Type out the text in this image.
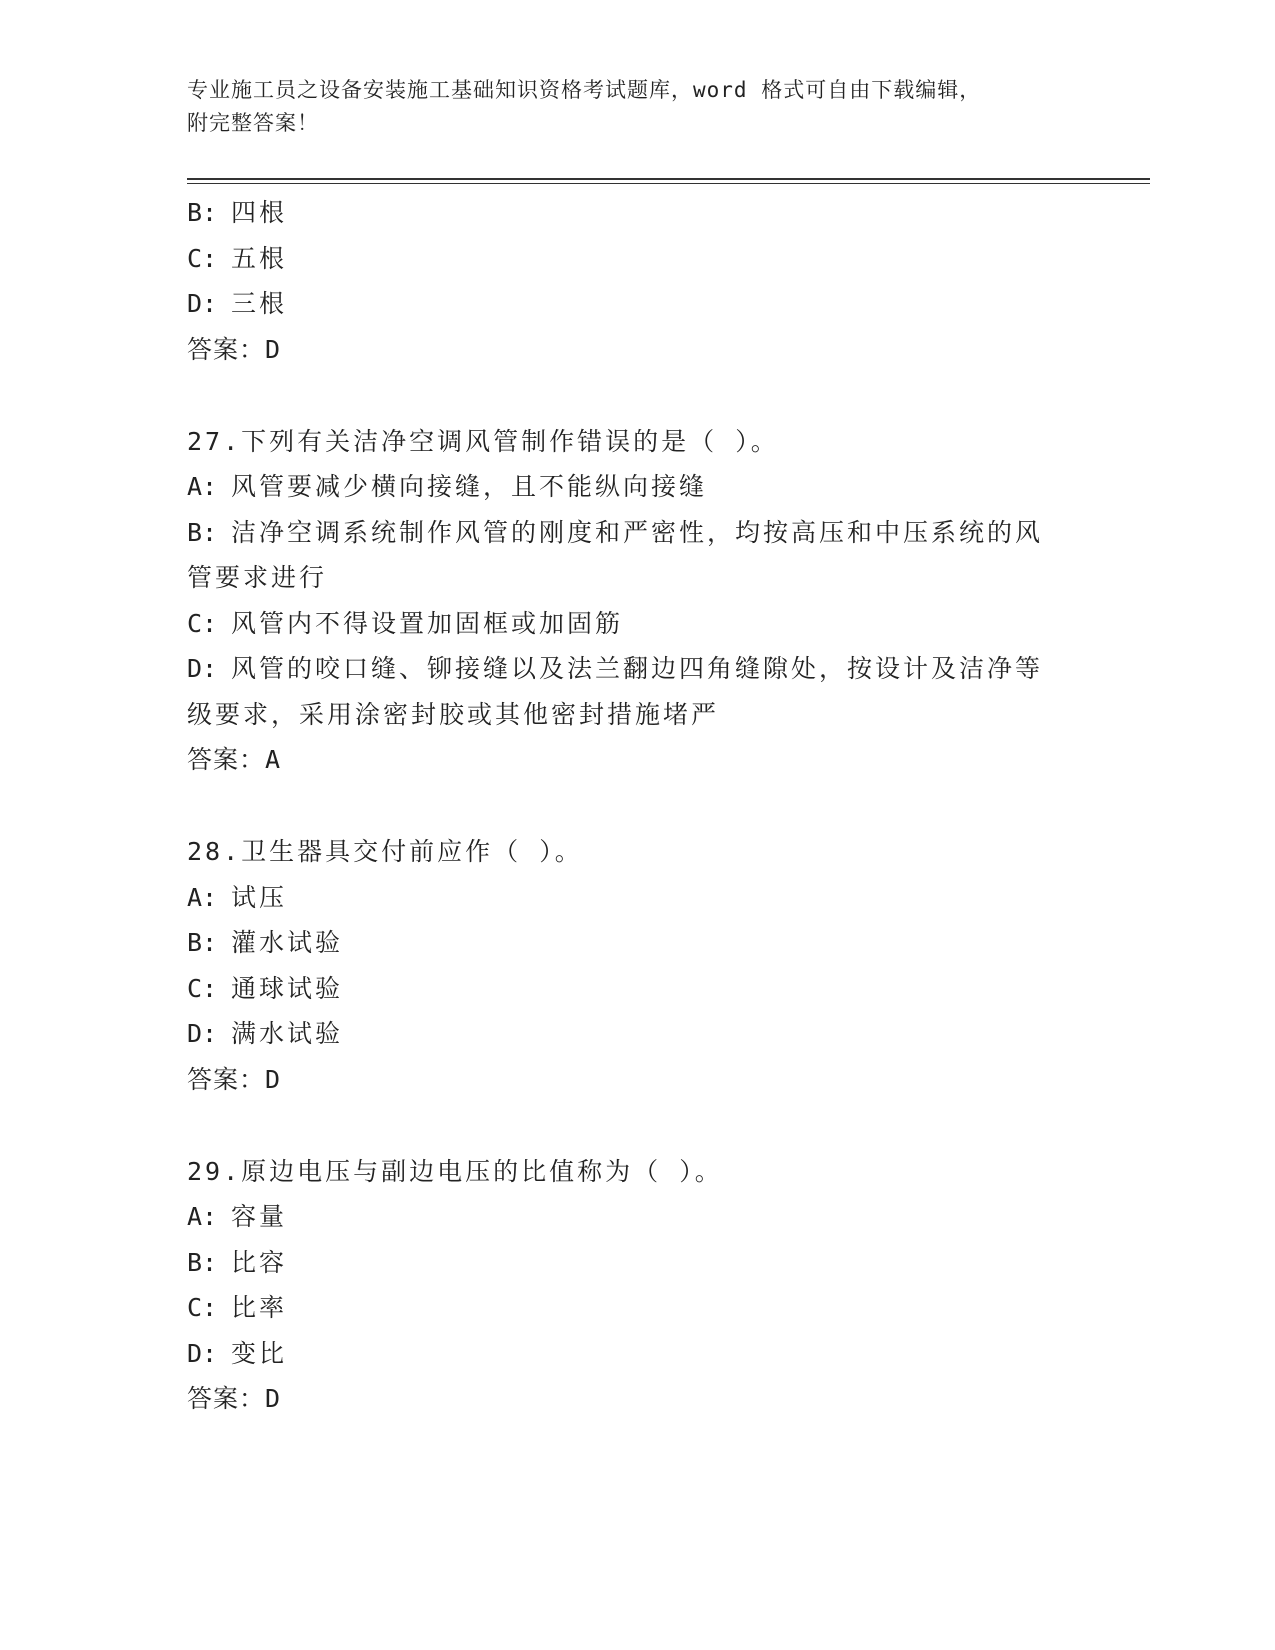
专业施工员之设备安装施工基础知识资格考试题库，word 格式可自由下载编辑，
附完整答案！
B: 四根
C: 五根
D: 三根
答案：D
27.下列有关洁净空调风管制作错误的是（ ）。
A: 风管要减少横向接缝，且不能纵向接缝
B: 洁净空调系统制作风管的刚度和严密性，均按高压和中压系统的风
管要求进行
C: 风管内不得设置加固框或加固筋
D: 风管的咬口缝、铆接缝以及法兰翻边四角缝隙处，按设计及洁净等
级要求，采用涂密封胶或其他密封措施堵严
答案：A
28.卫生器具交付前应作（ ）。
A: 试压
B: 灌水试验
C: 通球试验
D: 满水试验
答案：D
29.原边电压与副边电压的比值称为（ ）。
A: 容量
B: 比容
C: 比率
D: 变比
答案：D
